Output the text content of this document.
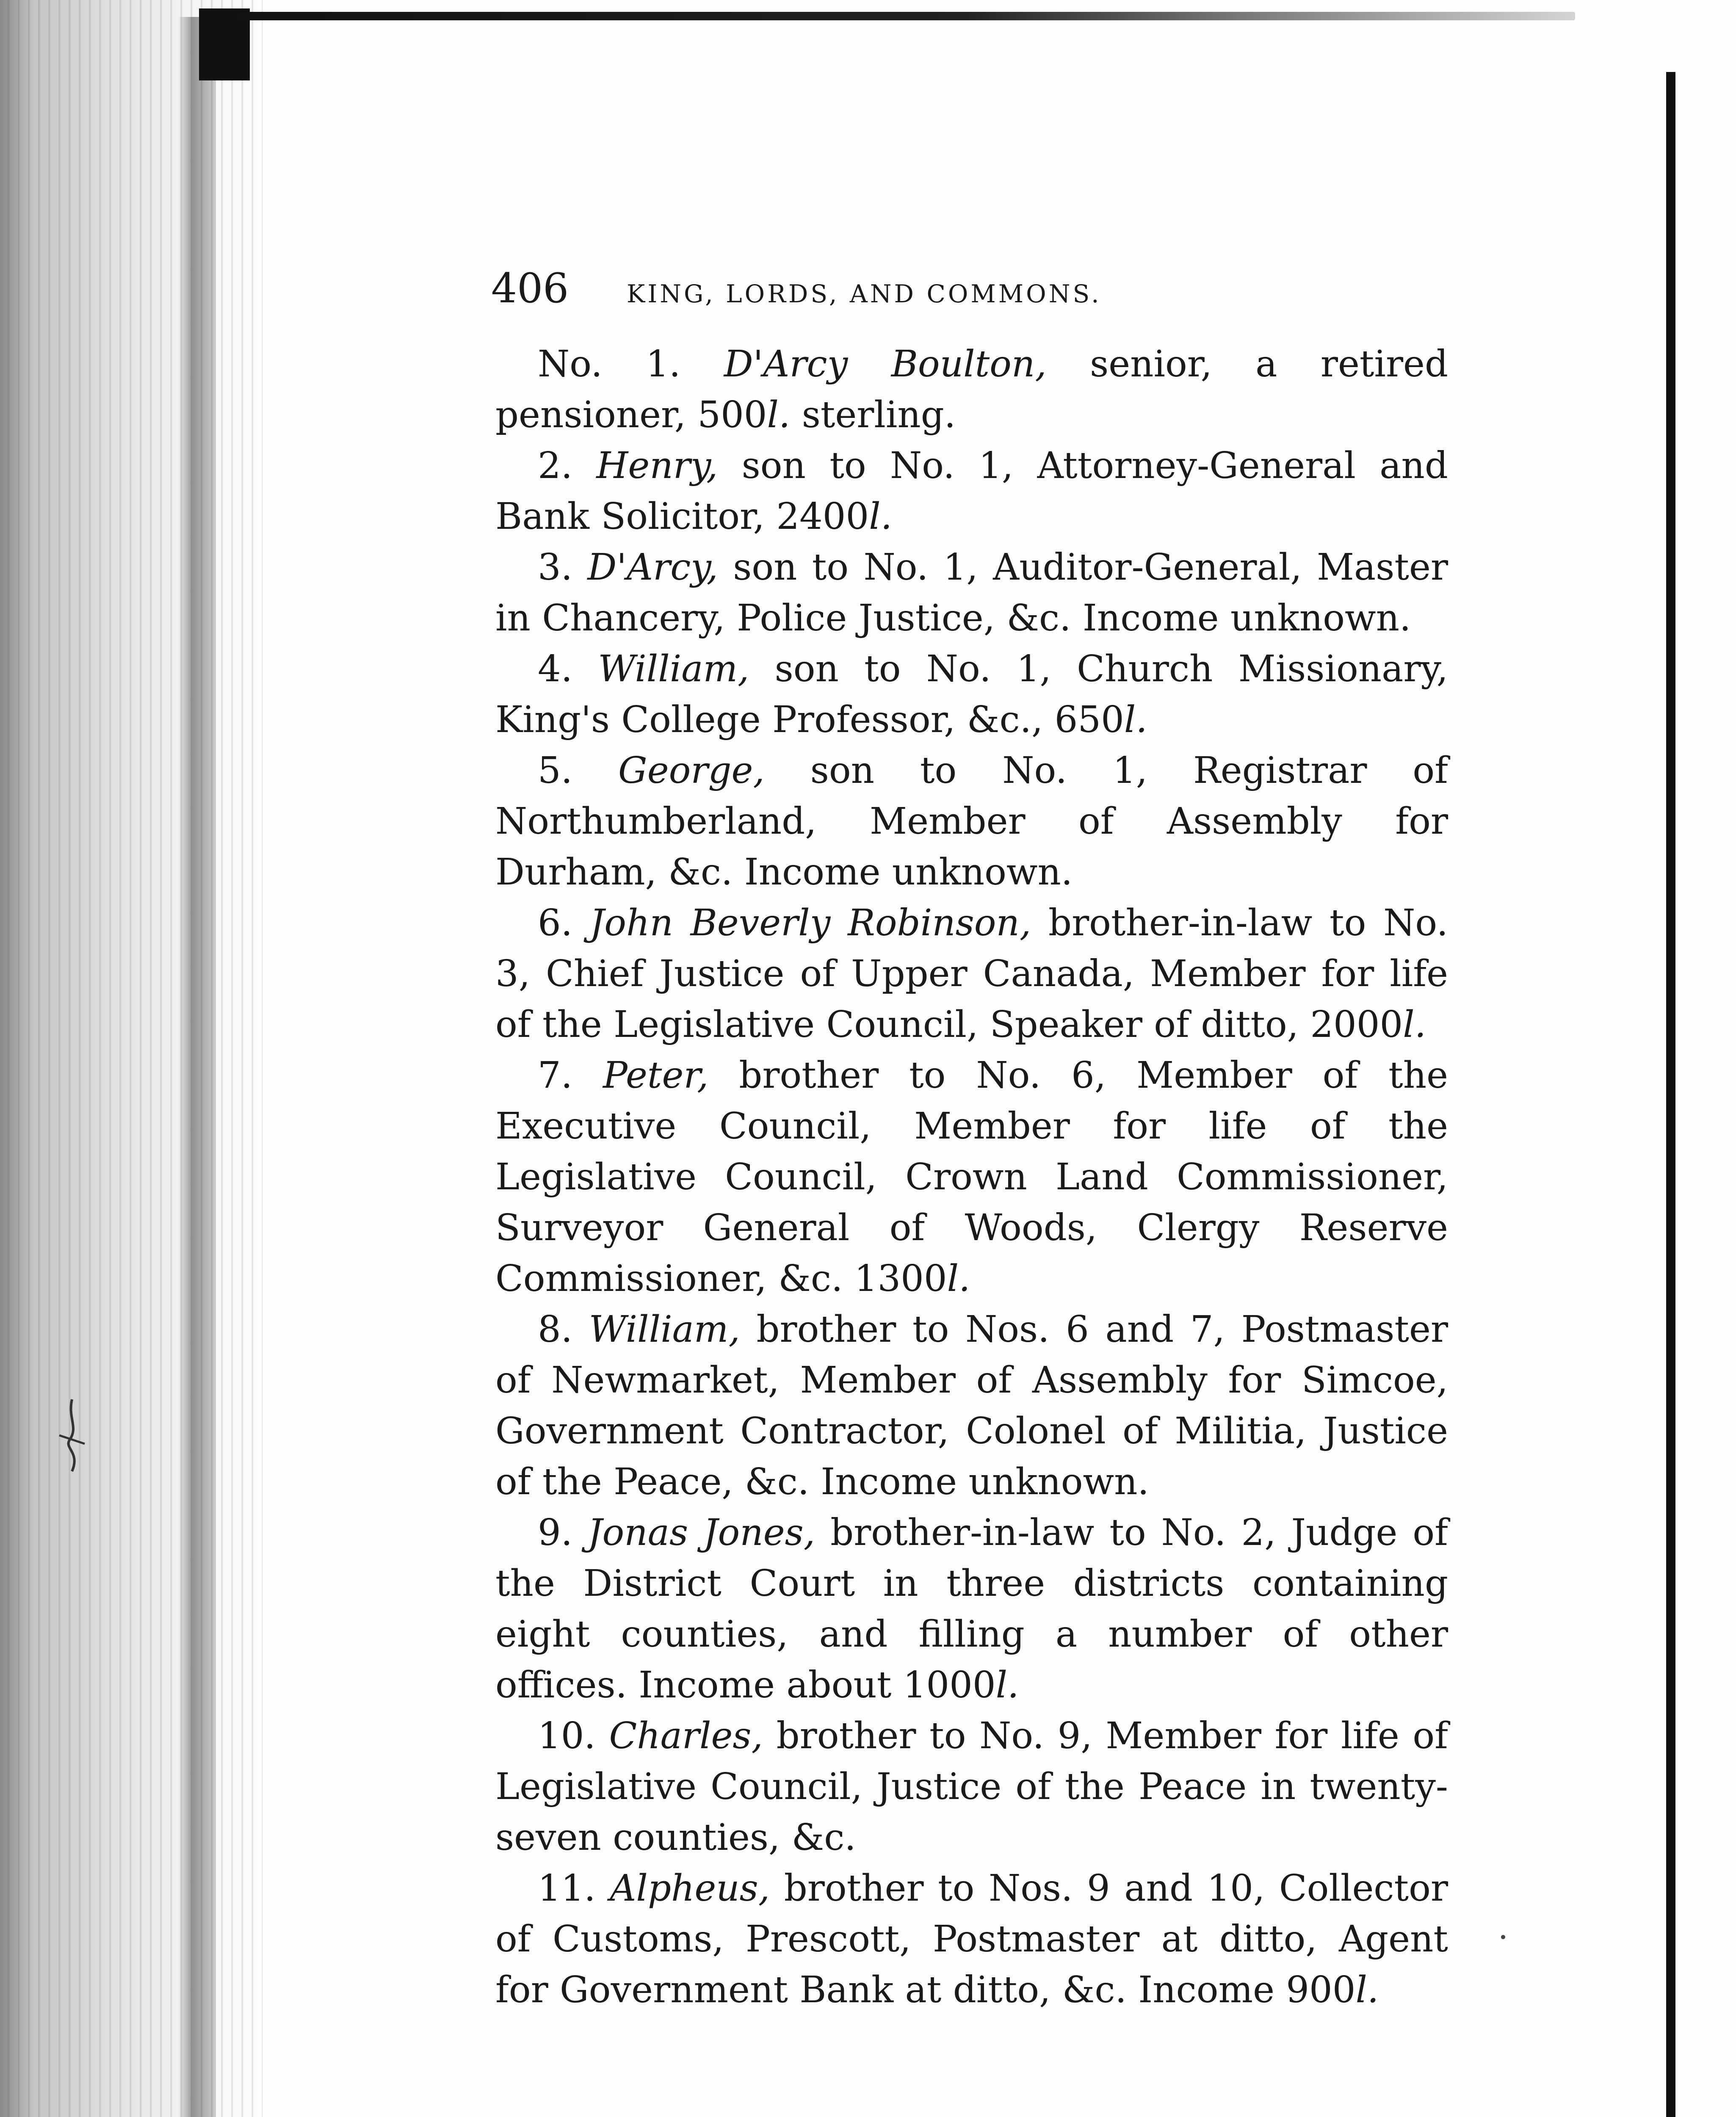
406	KING, LORDS, AND COMMONS.

No. 1. D'Arcy Boulton, senior, a retired pensioner, 500l. sterling.

2. Henry, son to No. 1, Attorney-General and Bank Solicitor, 2400l.

3. D'Arcy, son to No. 1, Auditor-General, Master in Chancery, Police Justice, &c. Income unknown.

4. William, son to No. 1, Church Missionary, King's College Professor, &c., 650l.

5. George, son to No. 1, Registrar of Northumberland, Member of Assembly for Durham, &c. Income unknown.

6. John Beverly Robinson, brother-in-law to No. 3, Chief Justice of Upper Canada, Member for life of the Legislative Council, Speaker of ditto, 2000l.

7. Peter, brother to No. 6, Member of the Executive Council, Member for life of the Legislative Council, Crown Land Commissioner, Surveyor General of Woods, Clergy Reserve Commissioner, &c. 1300l.

8. William, brother to Nos. 6 and 7, Postmaster of Newmarket, Member of Assembly for Simcoe, Government Contractor, Colonel of Militia, Justice of the Peace, &c. Income unknown.

9. Jonas Jones, brother-in-law to No. 2, Judge of the District Court in three districts containing eight counties, and filling a number of other offices. Income about 1000l.

10. Charles, brother to No. 9, Member for life of Legislative Council, Justice of the Peace in twenty-seven counties, &c.

11. Alpheus, brother to Nos. 9 and 10, Collector of Customs, Prescott, Postmaster at ditto, Agent for Government Bank at ditto, &c. Income 900l.
